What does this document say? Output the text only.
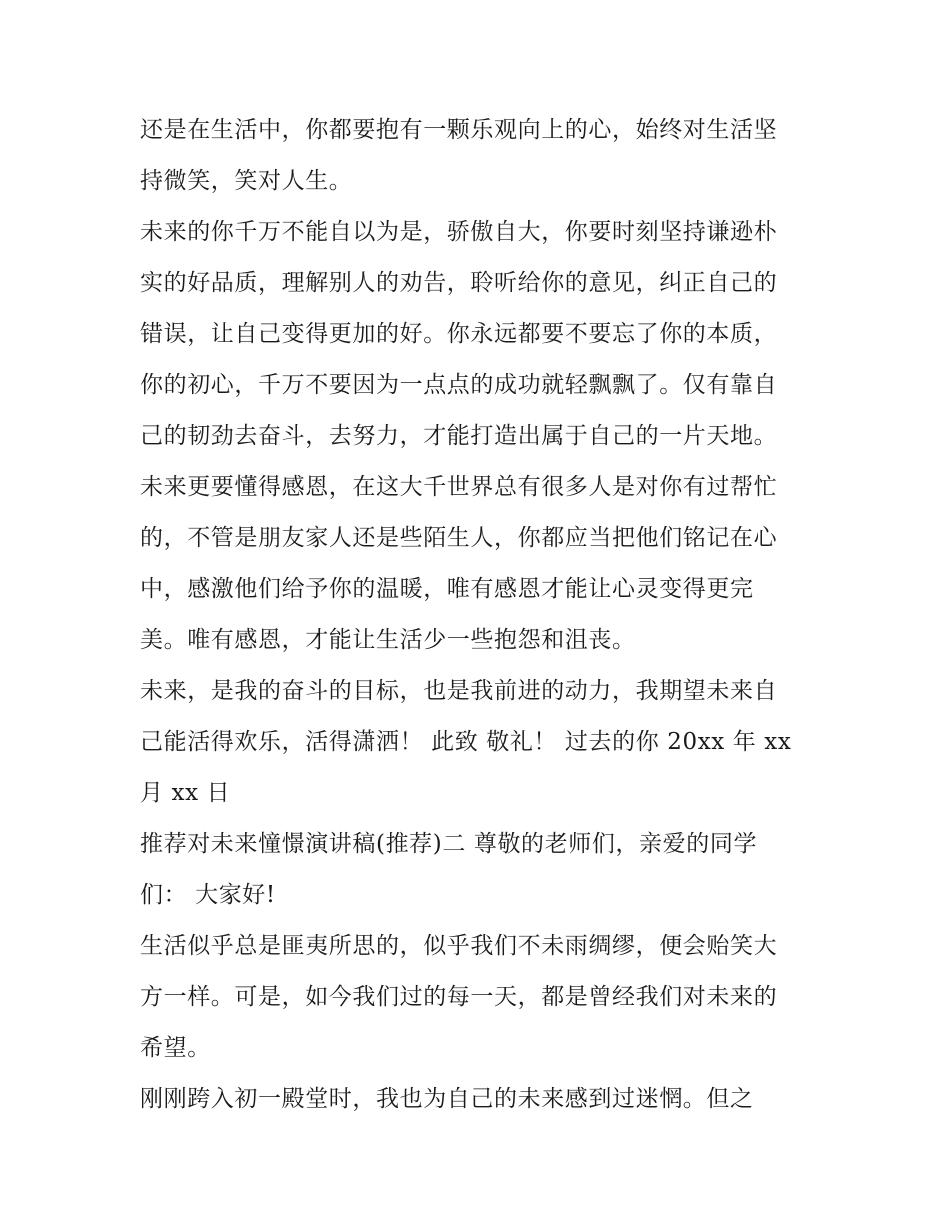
还是在生活中，你都要抱有一颗乐观向上的心，始终对生活坚
持微笑，笑对人生。
未来的你千万不能自以为是，骄傲自大，你要时刻坚持谦逊朴
实的好品质，理解别人的劝告，聆听给你的意见，纠正自己的
错误，让自己变得更加的好。你永远都要不要忘了你的本质，
你的初心，千万不要因为一点点的成功就轻飘飘了。仅有靠自
己的韧劲去奋斗，去努力，才能打造出属于自己的一片天地。
未来更要懂得感恩，在这大千世界总有很多人是对你有过帮忙
的，不管是朋友家人还是些陌生人，你都应当把他们铭记在心
中，感激他们给予你的温暖，唯有感恩才能让心灵变得更完
美。唯有感恩，才能让生活少一些抱怨和沮丧。
未来，是我的奋斗的目标，也是我前进的动力，我期望未来自
己能活得欢乐，活得潇洒！ 此致 敬礼！ 过去的你 20xx 年 xx
月 xx 日
推荐对未来憧憬演讲稿(推荐)二 尊敬的老师们，亲爱的同学
们： 大家好!
生活似乎总是匪夷所思的，似乎我们不未雨绸缪，便会贻笑大
方一样。可是，如今我们过的每一天，都是曾经我们对未来的
希望。
刚刚跨入初一殿堂时，我也为自己的未来感到过迷惘。但之
